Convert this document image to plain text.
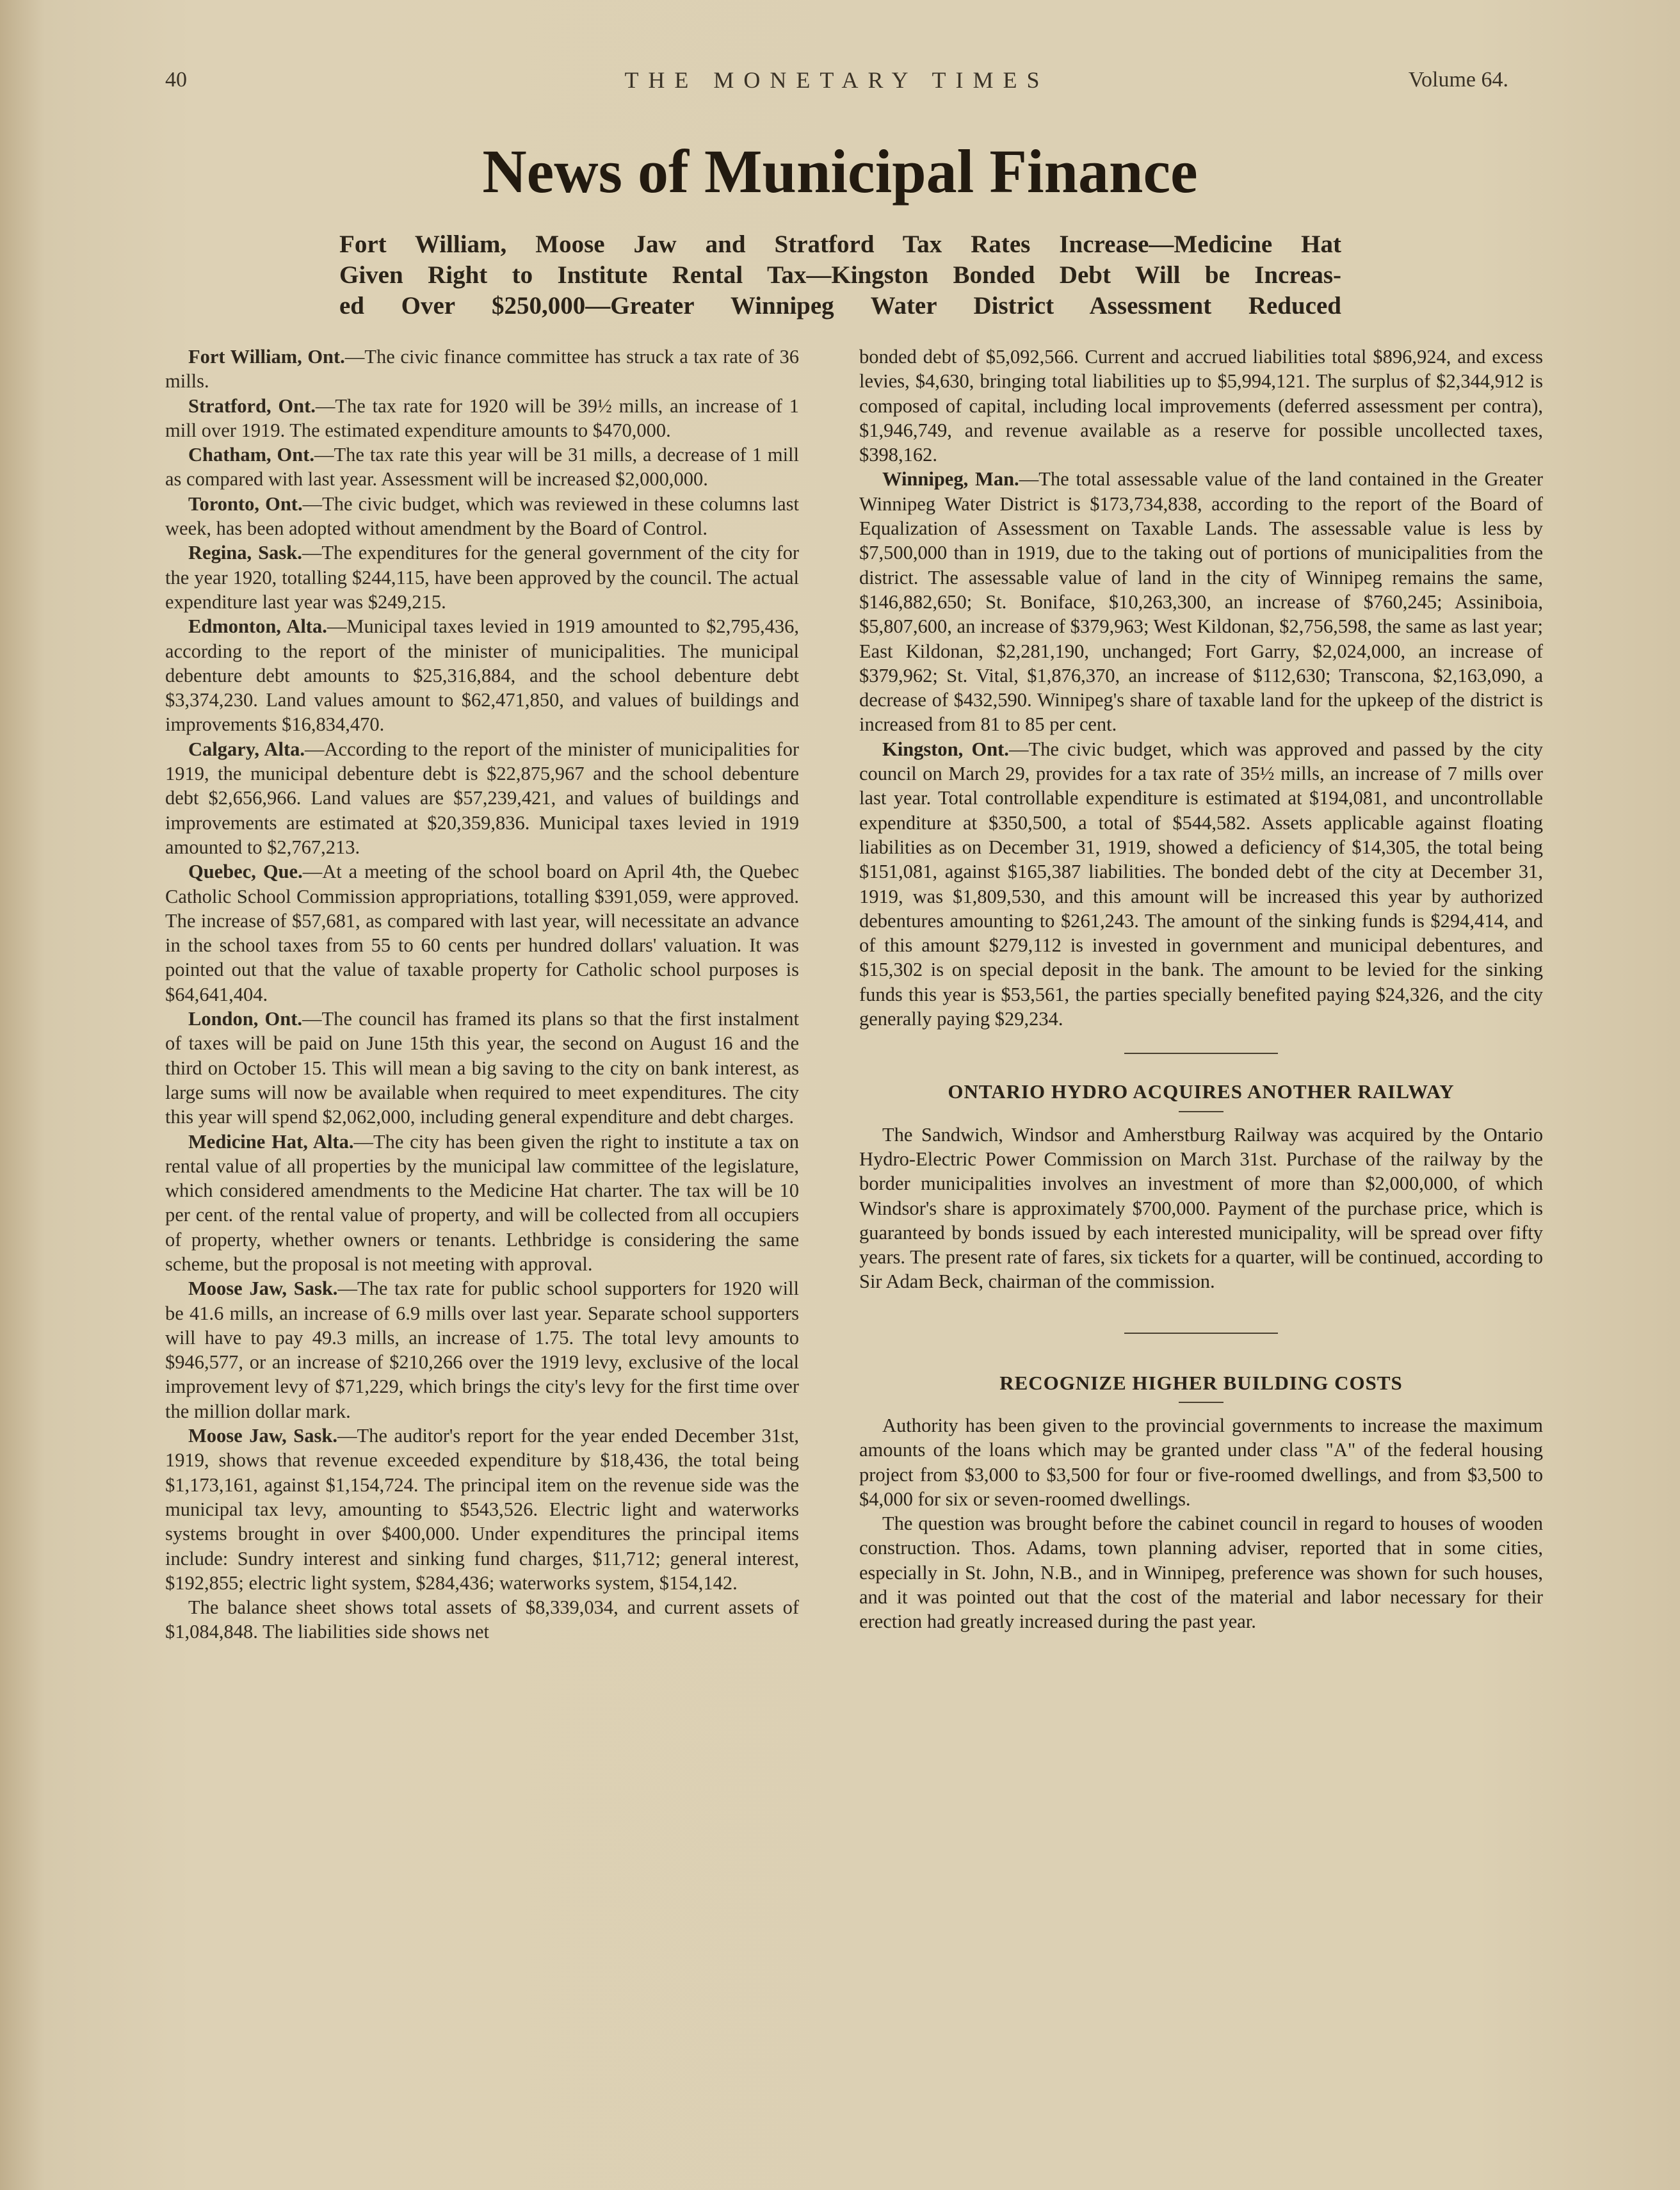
40	THE MONETARY TIMES	Volume 64.
News of Municipal Finance
Fort William, Moose Jaw and Stratford Tax Rates Increase—Medicine Hat
Given Right to Institute Rental Tax—Kingston Bonded Debt Will be Increas-
ed Over $250,000—Greater Winnipeg Water District Assessment Reduced

Fort William, Ont.—The civic finance committee has struck a tax rate of 36 mills.

Stratford, Ont.—The tax rate for 1920 will be 39½ mills, an increase of 1 mill over 1919. The estimated expenditure amounts to $470,000.

Chatham, Ont.—The tax rate this year will be 31 mills, a decrease of 1 mill as compared with last year. Assessment will be increased $2,000,000.

Toronto, Ont.—The civic budget, which was reviewed in these columns last week, has been adopted without amendment by the Board of Control.

Regina, Sask.—The expenditures for the general government of the city for the year 1920, totalling $244,115, have been approved by the council. The actual expenditure last year was $249,215.

Edmonton, Alta.—Municipal taxes levied in 1919 amounted to $2,795,436, according to the report of the minister of municipalities. The municipal debenture debt amounts to $25,316,884, and the school debenture debt $3,374,230. Land values amount to $62,471,850, and values of buildings and improvements $16,834,470.

Calgary, Alta.—According to the report of the minister of municipalities for 1919, the municipal debenture debt is $22,875,967 and the school debenture debt $2,656,966. Land values are $57,239,421, and values of buildings and improvements are estimated at $20,359,836. Municipal taxes levied in 1919 amounted to $2,767,213.

Quebec, Que.—At a meeting of the school board on April 4th, the Quebec Catholic School Commission appropriations, totalling $391,059, were approved. The increase of $57,681, as compared with last year, will necessitate an advance in the school taxes from 55 to 60 cents per hundred dollars' valuation. It was pointed out that the value of taxable property for Catholic school purposes is $64,641,404.

London, Ont.—The council has framed its plans so that the first instalment of taxes will be paid on June 15th this year, the second on August 16 and the third on October 15. This will mean a big saving to the city on bank interest, as large sums will now be available when required to meet expenditures. The city this year will spend $2,062,000, including general expenditure and debt charges.

Medicine Hat, Alta.—The city has been given the right to institute a tax on rental value of all properties by the municipal law committee of the legislature, which considered amendments to the Medicine Hat charter. The tax will be 10 per cent. of the rental value of property, and will be collected from all occupiers of property, whether owners or tenants. Lethbridge is considering the same scheme, but the proposal is not meeting with approval.

Moose Jaw, Sask.—The tax rate for public school supporters for 1920 will be 41.6 mills, an increase of 6.9 mills over last year. Separate school supporters will have to pay 49.3 mills, an increase of 1.75. The total levy amounts to $946,577, or an increase of $210,266 over the 1919 levy, exclusive of the local improvement levy of $71,229, which brings the city's levy for the first time over the million dollar mark.

Moose Jaw, Sask.—The auditor's report for the year ended December 31st, 1919, shows that revenue exceeded expenditure by $18,436, the total being $1,173,161, against $1,154,724. The principal item on the revenue side was the municipal tax levy, amounting to $543,526. Electric light and waterworks systems brought in over $400,000. Under expenditures the principal items include: Sundry interest and sinking fund charges, $11,712; general interest, $192,855; electric light system, $284,436; waterworks system, $154,142.

The balance sheet shows total assets of $8,339,034, and current assets of $1,084,848. The liabilities side shows net

bonded debt of $5,092,566. Current and accrued liabilities total $896,924, and excess levies, $4,630, bringing total liabilities up to $5,994,121. The surplus of $2,344,912 is composed of capital, including local improvements (deferred assessment per contra), $1,946,749, and revenue available as a reserve for possible uncollected taxes, $398,162.

Winnipeg, Man.—The total assessable value of the land contained in the Greater Winnipeg Water District is $173,734,838, according to the report of the Board of Equalization of Assessment on Taxable Lands. The assessable value is less by $7,500,000 than in 1919, due to the taking out of portions of municipalities from the district. The assessable value of land in the city of Winnipeg remains the same, $146,882,650; St. Boniface, $10,263,300, an increase of $760,245; Assiniboia, $5,807,600, an increase of $379,963; West Kildonan, $2,756,598, the same as last year; East Kildonan, $2,281,190, unchanged; Fort Garry, $2,024,000, an increase of $379,962; St. Vital, $1,876,370, an increase of $112,630; Transcona, $2,163,090, a decrease of $432,590. Winnipeg's share of taxable land for the upkeep of the district is increased from 81 to 85 per cent.

Kingston, Ont.—The civic budget, which was approved and passed by the city council on March 29, provides for a tax rate of 35½ mills, an increase of 7 mills over last year. Total controllable expenditure is estimated at $194,081, and uncontrollable expenditure at $350,500, a total of $544,582. Assets applicable against floating liabilities as on December 31, 1919, showed a deficiency of $14,305, the total being $151,081, against $165,387 liabilities. The bonded debt of the city at December 31, 1919, was $1,809,530, and this amount will be increased this year by authorized debentures amounting to $261,243. The amount of the sinking funds is $294,414, and of this amount $279,112 is invested in government and municipal debentures, and $15,302 is on special deposit in the bank. The amount to be levied for the sinking funds this year is $53,561, the parties specially benefited paying $24,326, and the city generally paying $29,234.

ONTARIO HYDRO ACQUIRES ANOTHER RAILWAY

The Sandwich, Windsor and Amherstburg Railway was acquired by the Ontario Hydro-Electric Power Commission on March 31st. Purchase of the railway by the border municipalities involves an investment of more than $2,000,000, of which Windsor's share is approximately $700,000. Payment of the purchase price, which is guaranteed by bonds issued by each interested municipality, will be spread over fifty years. The present rate of fares, six tickets for a quarter, will be continued, according to Sir Adam Beck, chairman of the commission.

RECOGNIZE HIGHER BUILDING COSTS

Authority has been given to the provincial governments to increase the maximum amounts of the loans which may be granted under class "A" of the federal housing project from $3,000 to $3,500 for four or five-roomed dwellings, and from $3,500 to $4,000 for six or seven-roomed dwellings.

The question was brought before the cabinet council in regard to houses of wooden construction. Thos. Adams, town planning adviser, reported that in some cities, especially in St. John, N.B., and in Winnipeg, preference was shown for such houses, and it was pointed out that the cost of the material and labor necessary for their erection had greatly increased during the past year.
